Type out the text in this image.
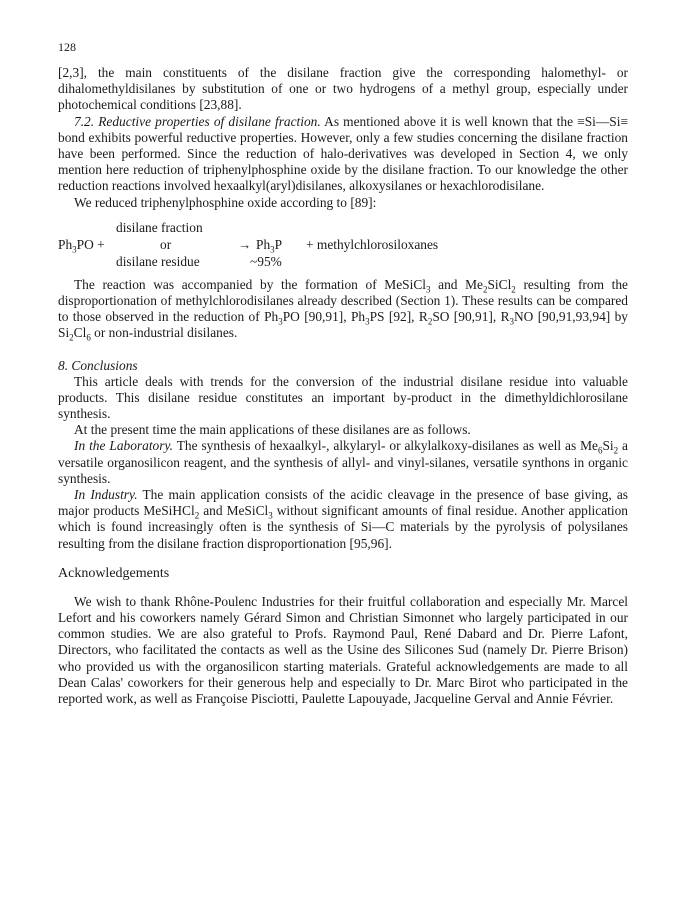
128

[2,3], the main constituents of the disilane fraction give the corresponding halomethyl- or dihalomethyldisilanes by substitution of one or two hydrogens of a methyl group, especially under photochemical conditions [23,88].

7.2. Reductive properties of disilane fraction. As mentioned above it is well known that the ≡Si—Si≡ bond exhibits powerful reductive properties. However, only a few studies concerning the disilane fraction have been performed. Since the reduction of halo-derivatives was developed in Section 4, we only mention here reduction of triphenylphosphine oxide by the disilane fraction. To our knowledge the other reduction reactions involved hexaalkyl(aryl)disilanes, alkoxysilanes or hexachlorodisilane.

We reduced triphenylphosphine oxide according to [89]:

$Ph_3PO$ +
disilane fraction
or
disilane residue
→ $Ph_3P$ + methylchlorosiloxanes
~95%

The reaction was accompanied by the formation of MeSiCl$_3$ and $Me_2SiCl_2$ resulting from the disproportionation of methylchlorodisilanes already described (Section 1). These results can be compared to those observed in the reduction of $Ph_3PO$ [90,91], $Ph_3PS$ [92], $R_2SO$ [90,91], $R_3NO$ [90,91,93,94] by $Si_2Cl_6$ or non-industrial disilanes.

8. Conclusions

This article deals with trends for the conversion of the industrial disilane residue into valuable products. This disilane residue constitutes an important by-product in the dimethyldichlorosilane synthesis.

At the present time the main applications of these disilanes are as follows.

In the Laboratory. The synthesis of hexaalkyl-, alkylaryl- or alkylalkoxy-disilanes as well as $Me_6Si_2$ a versatile organosilicon reagent, and the synthesis of allyl- and vinyl-silanes, versatile synthons in organic synthesis.

In Industry. The main application consists of the acidic cleavage in the presence of base giving, as major products MeSiHCl$_2$ and MeSiCl$_3$ without significant amounts of final residue. Another application which is found increasingly often is the synthesis of Si—C materials by the pyrolysis of polysilanes resulting from the disilane fraction disproportionation [95,96].

Acknowledgements

We wish to thank Rhône-Poulenc Industries for their fruitful collaboration and especially Mr. Marcel Lefort and his coworkers namely Gérard Simon and Christian Simonnet who largely participated in our common studies. We are also grateful to Profs. Raymond Paul, René Dabard and Dr. Pierre Lafont, Directors, who facilitated the contacts as well as the Usine des Silicones Sud (namely Dr. Pierre Brison) who provided us with the organosilicon starting materials. Grateful acknowledgements are made to all Dean Calas' coworkers for their generous help and especially to Dr. Marc Birot who participated in the reported work, as well as Françoise Pisciotti, Paulette Lapouyade, Jacqueline Gerval and Annie Février.
